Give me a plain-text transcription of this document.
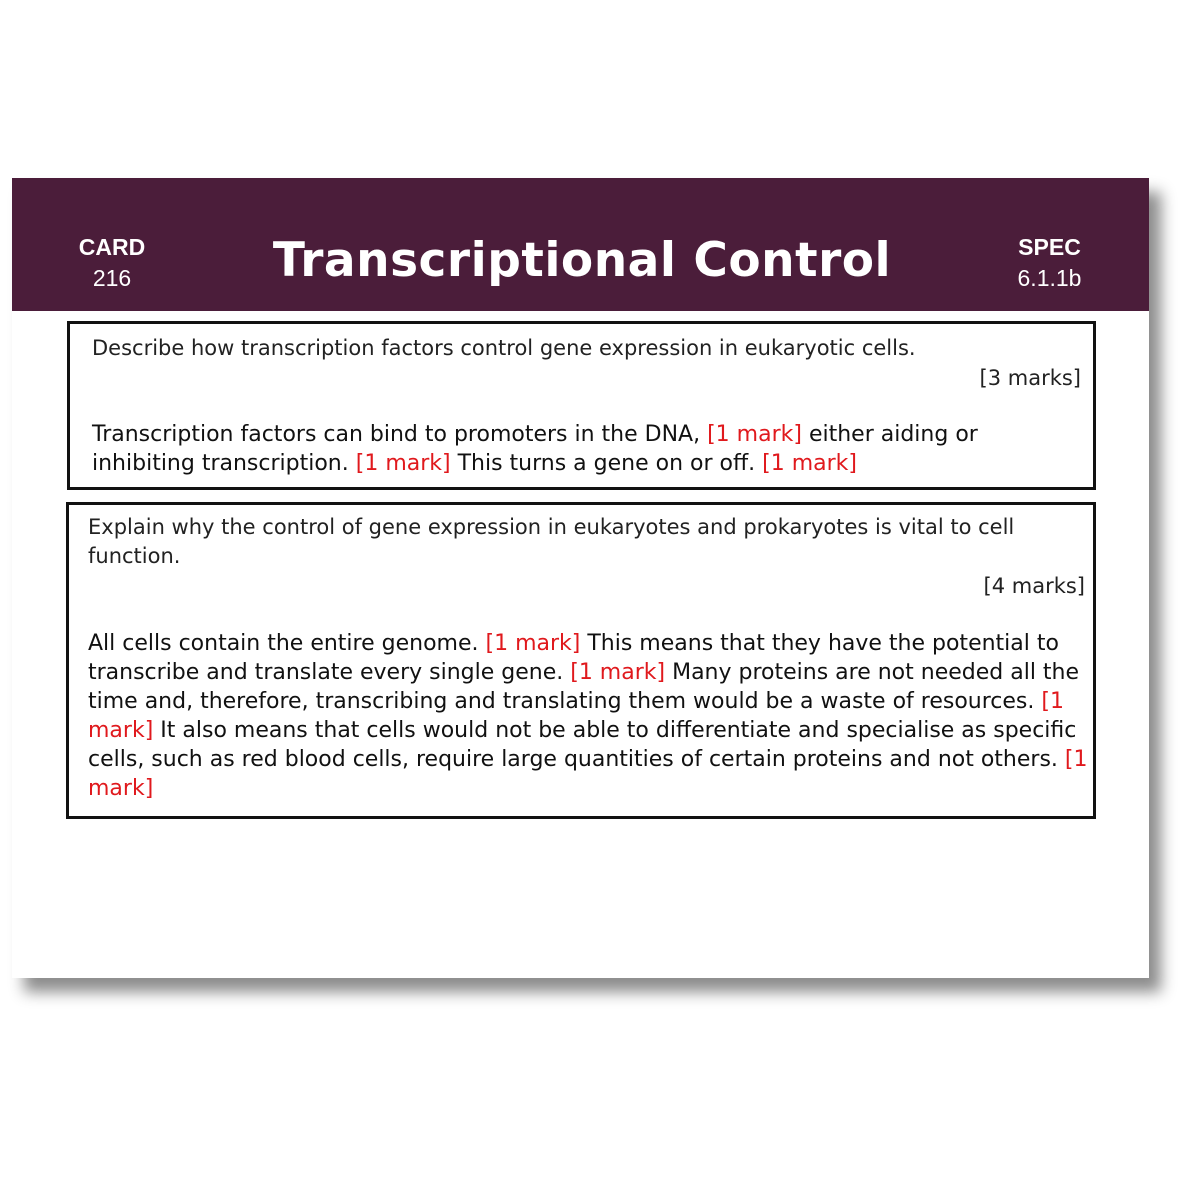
CARD
216	Transcriptional Control	SPEC
6.1.1b

Describe how transcription factors control gene expression in eukaryotic cells.

[3 marks]

Transcription factors can bind to promoters in the DNA, [1 mark] either aiding or inhibiting transcription. [1 mark] This turns a gene on or off. [1 mark]

Explain why the control of gene expression in eukaryotes and prokaryotes is vital to cell function.

[4 marks]

All cells contain the entire genome. [1 mark] This means that they have the potential to transcribe and translate every single gene. [1 mark] Many proteins are not needed all the time and, therefore, transcribing and translating them would be a waste of resources. [1 mark] It also means that cells would not be able to differentiate and specialise as specific cells, such as red blood cells, require large quantities of certain proteins and not others. [1 mark]
